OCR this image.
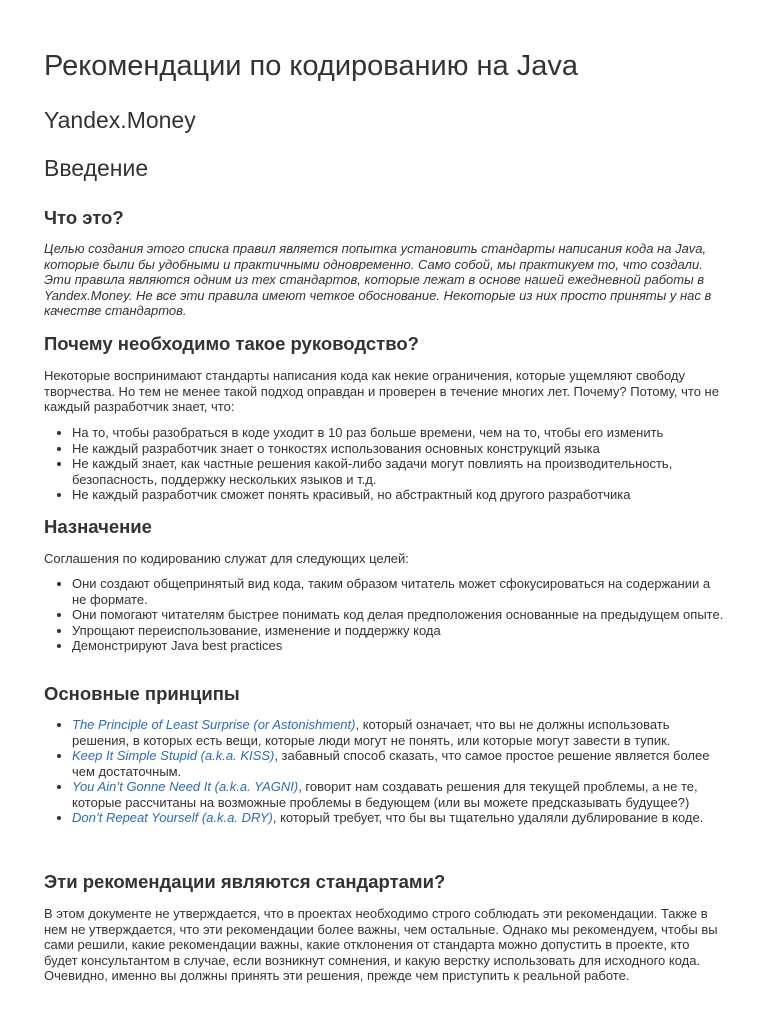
Рекомендации по кодированию на Java

Yandex.Money

Введение

Что это?

Целью создания этого списка правил является попытка установить стандарты написания кода на Java, которые были бы удобными и практичными одновременно. Само собой, мы практикуем то, что создали. Эти правила являются одним из тех стандартов, которые лежат в основе нашей ежедневной работы в Yandex.Money. Не все эти правила имеют четкое обоснование. Некоторые из них просто приняты у нас в качестве стандартов.

Почему необходимо такое руководство?

Некоторые воспринимают стандарты написания кода как некие ограничения, которые ущемляют свободу творчества. Но тем не менее такой подход оправдан и проверен в течение многих лет. Почему? Потому, что не каждый разработчик знает, что:

• На то, чтобы разобраться в коде уходит в 10 раз больше времени, чем на то, чтобы его изменить
• Не каждый разработчик знает о тонкостях использования основных конструкций языка
• Не каждый знает, как частные решения какой-либо задачи могут повлиять на производительность, безопасность, поддержку нескольких языков и т.д.
• Не каждый разработчик сможет понять красивый, но абстрактный код другого разработчика
Назначение

Соглашения по кодированию служат для следующих целей:

• Они создают общепринятый вид кода, таким образом читатель может сфокусироваться на содержании а не формате.
• Они помогают читателям быстрее понимать код делая предположения основанные на предыдущем опыте.
• Упрощают переиспользование, изменение и поддержку кода
• Демонстрируют Java best practices
Основные принципы
• The Principle of Least Surprise (or Astonishment), который означает, что вы не должны использовать решения, в которых есть вещи, которые люди могут не понять, или которые могут завести в тупик.
• Keep It Simple Stupid (a.k.a. KISS), забавный способ сказать, что самое простое решение является более чем достаточным.
• You Ain’t Gonne Need It (a.k.a. YAGNI), говорит нам создавать решения для текущей проблемы, а не те, которые рассчитаны на возможные проблемы в бедующем (или вы можете предсказывать будущее?)
• Don’t Repeat Yourself (a.k.a. DRY), который требует, что бы вы тщательно удаляли дублирование в коде.
Эти рекомендации являются стандартами?

В этом документе не утверждается, что в проектах необходимо строго соблюдать эти рекомендации. Также в нем не утверждается, что эти рекомендации более важны, чем остальные. Однако мы рекомендуем, чтобы вы сами решили, какие рекомендации важны, какие отклонения от стандарта можно допустить в проекте, кто будет консультантом в случае, если возникнут сомнения, и какую верстку использовать для исходного кода. Очевидно, именно вы должны принять эти решения, прежде чем приступить к реальной работе.
